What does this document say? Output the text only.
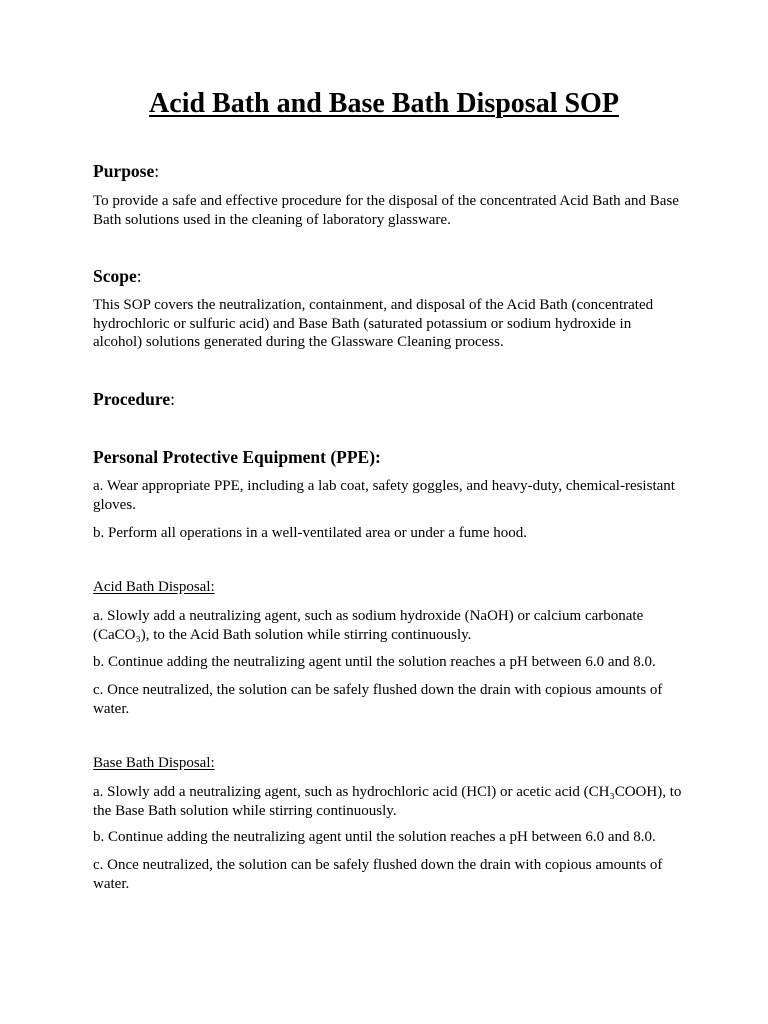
Acid Bath and Base Bath Disposal SOP
Purpose:

To provide a safe and effective procedure for the disposal of the concentrated Acid Bath and Base Bath solutions used in the cleaning of laboratory glassware.

Scope:

This SOP covers the neutralization, containment, and disposal of the Acid Bath (concentrated hydrochloric or sulfuric acid) and Base Bath (saturated potassium or sodium hydroxide in alcohol) solutions generated during the Glassware Cleaning process.

Procedure:
Personal Protective Equipment (PPE):

a. Wear appropriate PPE, including a lab coat, safety goggles, and heavy-duty, chemical-resistant gloves.

b. Perform all operations in a well-ventilated area or under a fume hood.

Acid Bath Disposal:

a. Slowly add a neutralizing agent, such as sodium hydroxide (NaOH) or calcium carbonate (CaCO₃), to the Acid Bath solution while stirring continuously.

b. Continue adding the neutralizing agent until the solution reaches a pH between 6.0 and 8.0.

c. Once neutralized, the solution can be safely flushed down the drain with copious amounts of water.

Base Bath Disposal:

a. Slowly add a neutralizing agent, such as hydrochloric acid (HCl) or acetic acid (CH₃COOH), to the Base Bath solution while stirring continuously.

b. Continue adding the neutralizing agent until the solution reaches a pH between 6.0 and 8.0.

c. Once neutralized, the solution can be safely flushed down the drain with copious amounts of water.
